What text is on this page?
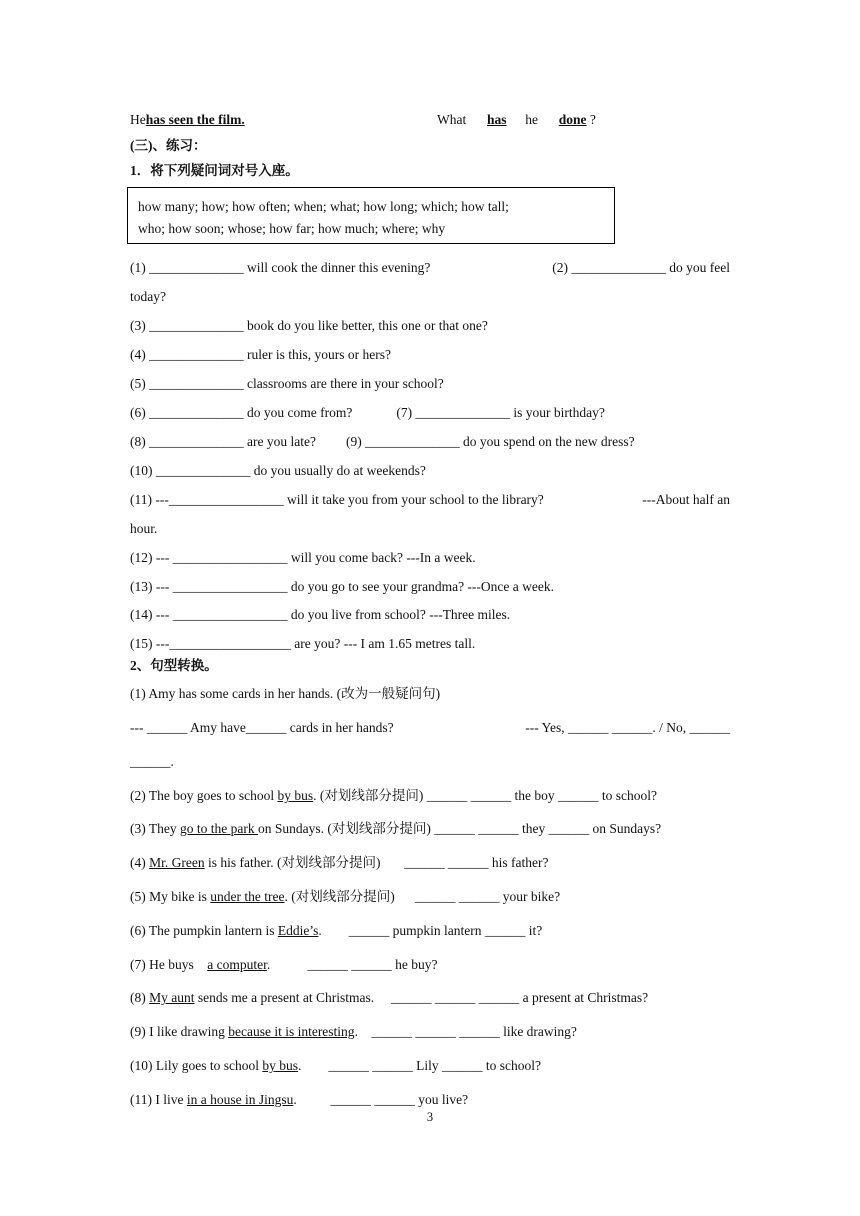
Hehas seen the film.	What has he done ?
(三)、练习：
1．将下列疑问词对号入座。
how many; how; how often; when; what; how long; which; how tall;
who; how soon; whose; how far; how much; where; why
(1) ______________ will cook the dinner this evening?	(2) ______________ do you feel
today?
(3) ______________ book do you like better, this one or that one?
(4) ______________ ruler is this, yours or hers?
(5) ______________ classrooms are there in your school?
(6) ______________ do you come from?	(7) ______________ is your birthday?
(8) ______________ are you late? (9) ______________ do you spend on the new dress?
(10) ______________ do you usually do at weekends?
(11) ---_________________ will it take you from your school to the library?	---About half an
hour.
(12) --- _________________ will you come back? ---In a week.
(13) --- _________________ do you go to see your grandma? ---Once a week.
(14) --- _________________ do you live from school? ---Three miles.
(15) ---__________________ are you? --- I am 1.65 metres tall.
2、句型转换。
(1) Amy has some cards in her hands. (改为一般疑问句)
--- ______ Amy have______ cards in her hands?	--- Yes, ______ ______. / No, ______
______.
(2) The boy goes to school by bus. (对划线部分提问) ______ ______ the boy ______ to school?
(3) They go to the park on Sundays. (对划线部分提问) ______ ______ they ______ on Sundays?
(4) Mr. Green is his father. (对划线部分提问)       ______ ______ his father?
(5) My bike is under the tree. (对划线部分提问)      ______ ______ your bike?
(6) The pumpkin lantern is Eddie’s.        ______ pumpkin lantern ______ it?
(7) He buys    a computer.           ______ ______ he buy?
(8) My aunt sends me a present at Christmas.     ______ ______ ______ a present at Christmas?
(9) I like drawing because it is interesting.    ______ ______ ______ like drawing?
(10) Lily goes to school by bus.        ______ ______ Lily ______ to school?
(11) I live in a house in Jingsu.          ______ ______ you live?
3
